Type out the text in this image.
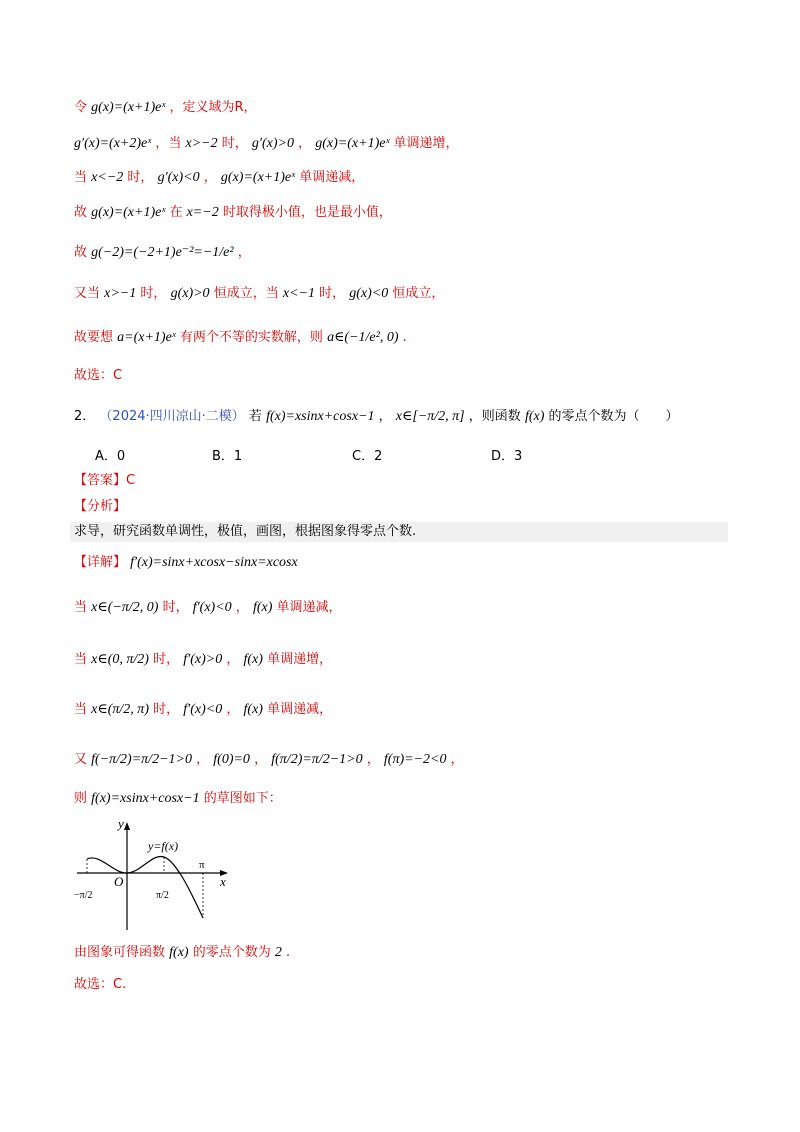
令 g(x)=(x+1)eˣ ，定义域为R，
g′(x)=(x+2)eˣ ，当 x>−2 时， g′(x)>0 ， g(x)=(x+1)eˣ 单调递增，
当 x<−2 时， g′(x)<0 ， g(x)=(x+1)eˣ 单调递减，
故 g(x)=(x+1)eˣ 在 x=−2 时取得极小值，也是最小值，
故 g(−2)=(−2+1)e⁻²=−1/e² ，
又当 x>−1 时， g(x)>0 恒成立，当 x<−1 时， g(x)<0 恒成立，
故要想 a=(x+1)eˣ 有两个不等的实数解，则 a∈(−1/e², 0) .
故选：C
2． （2024·四川凉山·二模） 若 f(x)=xsinx+cosx−1 ， x∈[−π/2, π] ，则函数 f(x) 的零点个数为（　　）
A．0	B．1	C．2	D．3
【答案】C
【分析】
求导，研究函数单调性，极值，画图，根据图象得零点个数.
【详解】 f′(x)=sinx+xcosx−sinx=xcosx
当 x∈(−π/2, 0) 时， f′(x)<0 ， f(x) 单调递减，
当 x∈(0, π/2) 时， f′(x)>0 ， f(x) 单调递增，
当 x∈(π/2, π) 时， f′(x)<0 ， f(x) 单调递减，
又 f(−π/2)=π/2−1>0 ， f(0)=0 ， f(π/2)=π/2−1>0 ， f(π)=−2<0 ，
则 f(x)=xsinx+cosx−1 的草图如下：
y
x
O
y=f(x)
−π/2	π/2
π
由图象可得函数 f(x) 的零点个数为 2 .
故选：C.
